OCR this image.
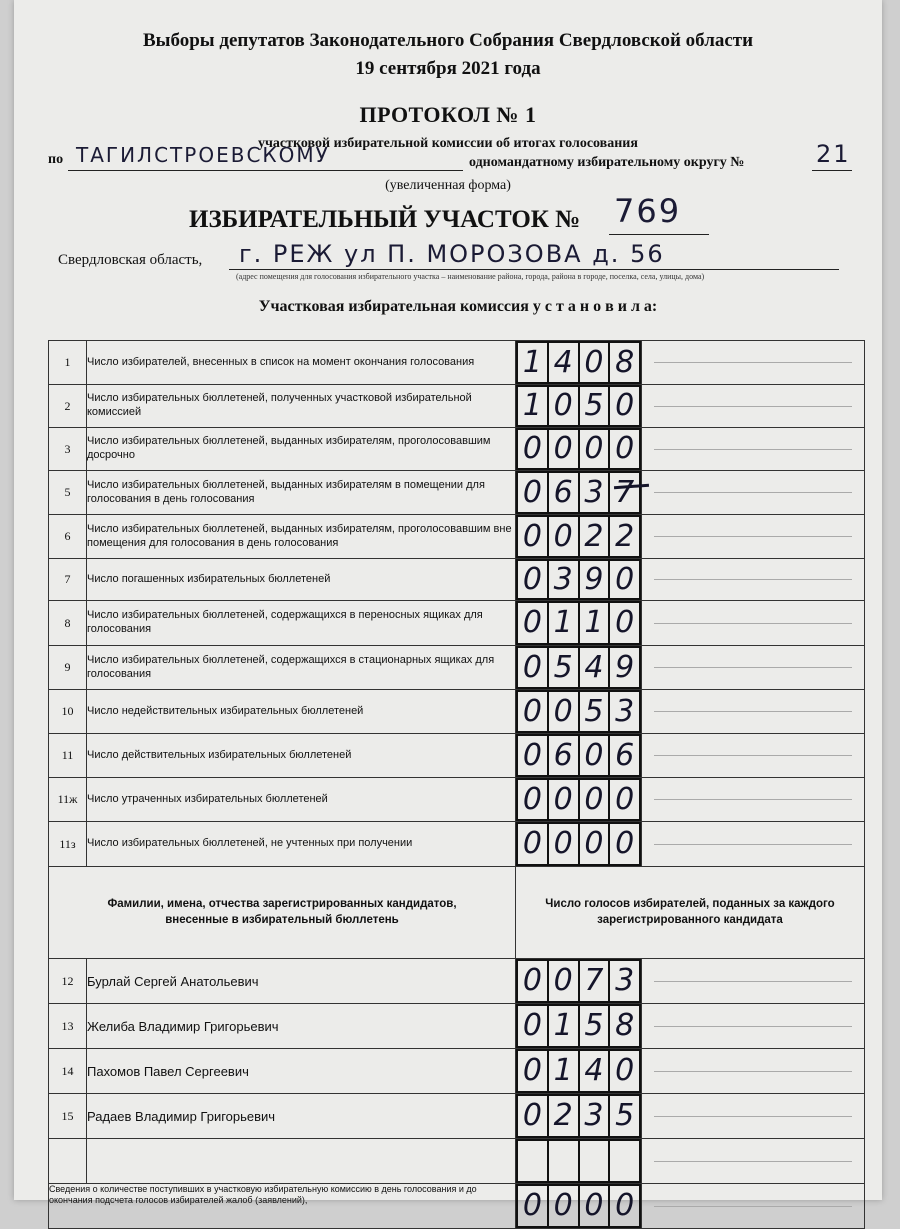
Выборы депутатов Законодательного Собрания Свердловской области
19 сентября 2021 года
ПРОТОКОЛ № 1
участковой избирательной комиссии об итогах голосования
по ТАГИЛСТРОЕВСКОМУ	одномандатному избирательному округу №	21
(увеличенная форма)
ИЗБИРАТЕЛЬНЫЙ УЧАСТОК № 769
Свердловская область, г. РЕЖ ул П. МОРОЗОВА д. 56
(адрес помещения для голосования избирательного участка – наименование района, города, района в городе, поселка, села, улицы, дома)
Участковая избирательная комиссия у с т а н о в и л а:
1	Число избирателей, внесенных в список на момент окончания голосования	1 4 0 8	

2	Число избирательных бюллетеней, полученных участковой избирательной комиссией	1 0 5 0	

3	Число избирательных бюллетеней, выданных избирателям, проголосовавшим досрочно	0 0 0 0	

5	Число избирательных бюллетеней, выданных избирателям в помещении для голосования в день голосования	0 6 3 7	

6	Число избирательных бюллетеней, выданных избирателям, проголосовавшим вне помещения для голосования в день голосования	0 0 2 2	

7	Число погашенных избирательных бюллетеней	0 3 9 0	

8	Число избирательных бюллетеней, содержащихся в переносных ящиках для голосования	0 1 1 0	

9	Число избирательных бюллетеней, содержащихся в стационарных ящиках для голосования	0 5 4 9	

10	Число недействительных избирательных бюллетеней	0 0 5 3	

11	Число действительных избирательных бюллетеней	0 6 0 6	

11ж	Число утраченных избирательных бюллетеней	0 0 0 0	

11з	Число избирательных бюллетеней, не учтенных при получении	0 0 0 0	

Фамилии, имена, отчества зарегистрированных кандидатов, внесенные в избирательный бюллетень		Число голосов избирателей, поданных за каждого зарегистрированного кандидата	
12	Бурлай Сергей Анатольевич	0 0 7 3	

13	Желиба Владимир Григорьевич	0 1 5 8	

14	Пахомов Павел Сергеевич	0 1 4 0	

15	Радаев Владимир Григорьевич	0 2 3 5	

Сведения о количестве поступивших в участковую избирательную комиссию в день голосования и до окончания подсчета голосов избирателей жалоб (заявлений),		0 0 0 0	
